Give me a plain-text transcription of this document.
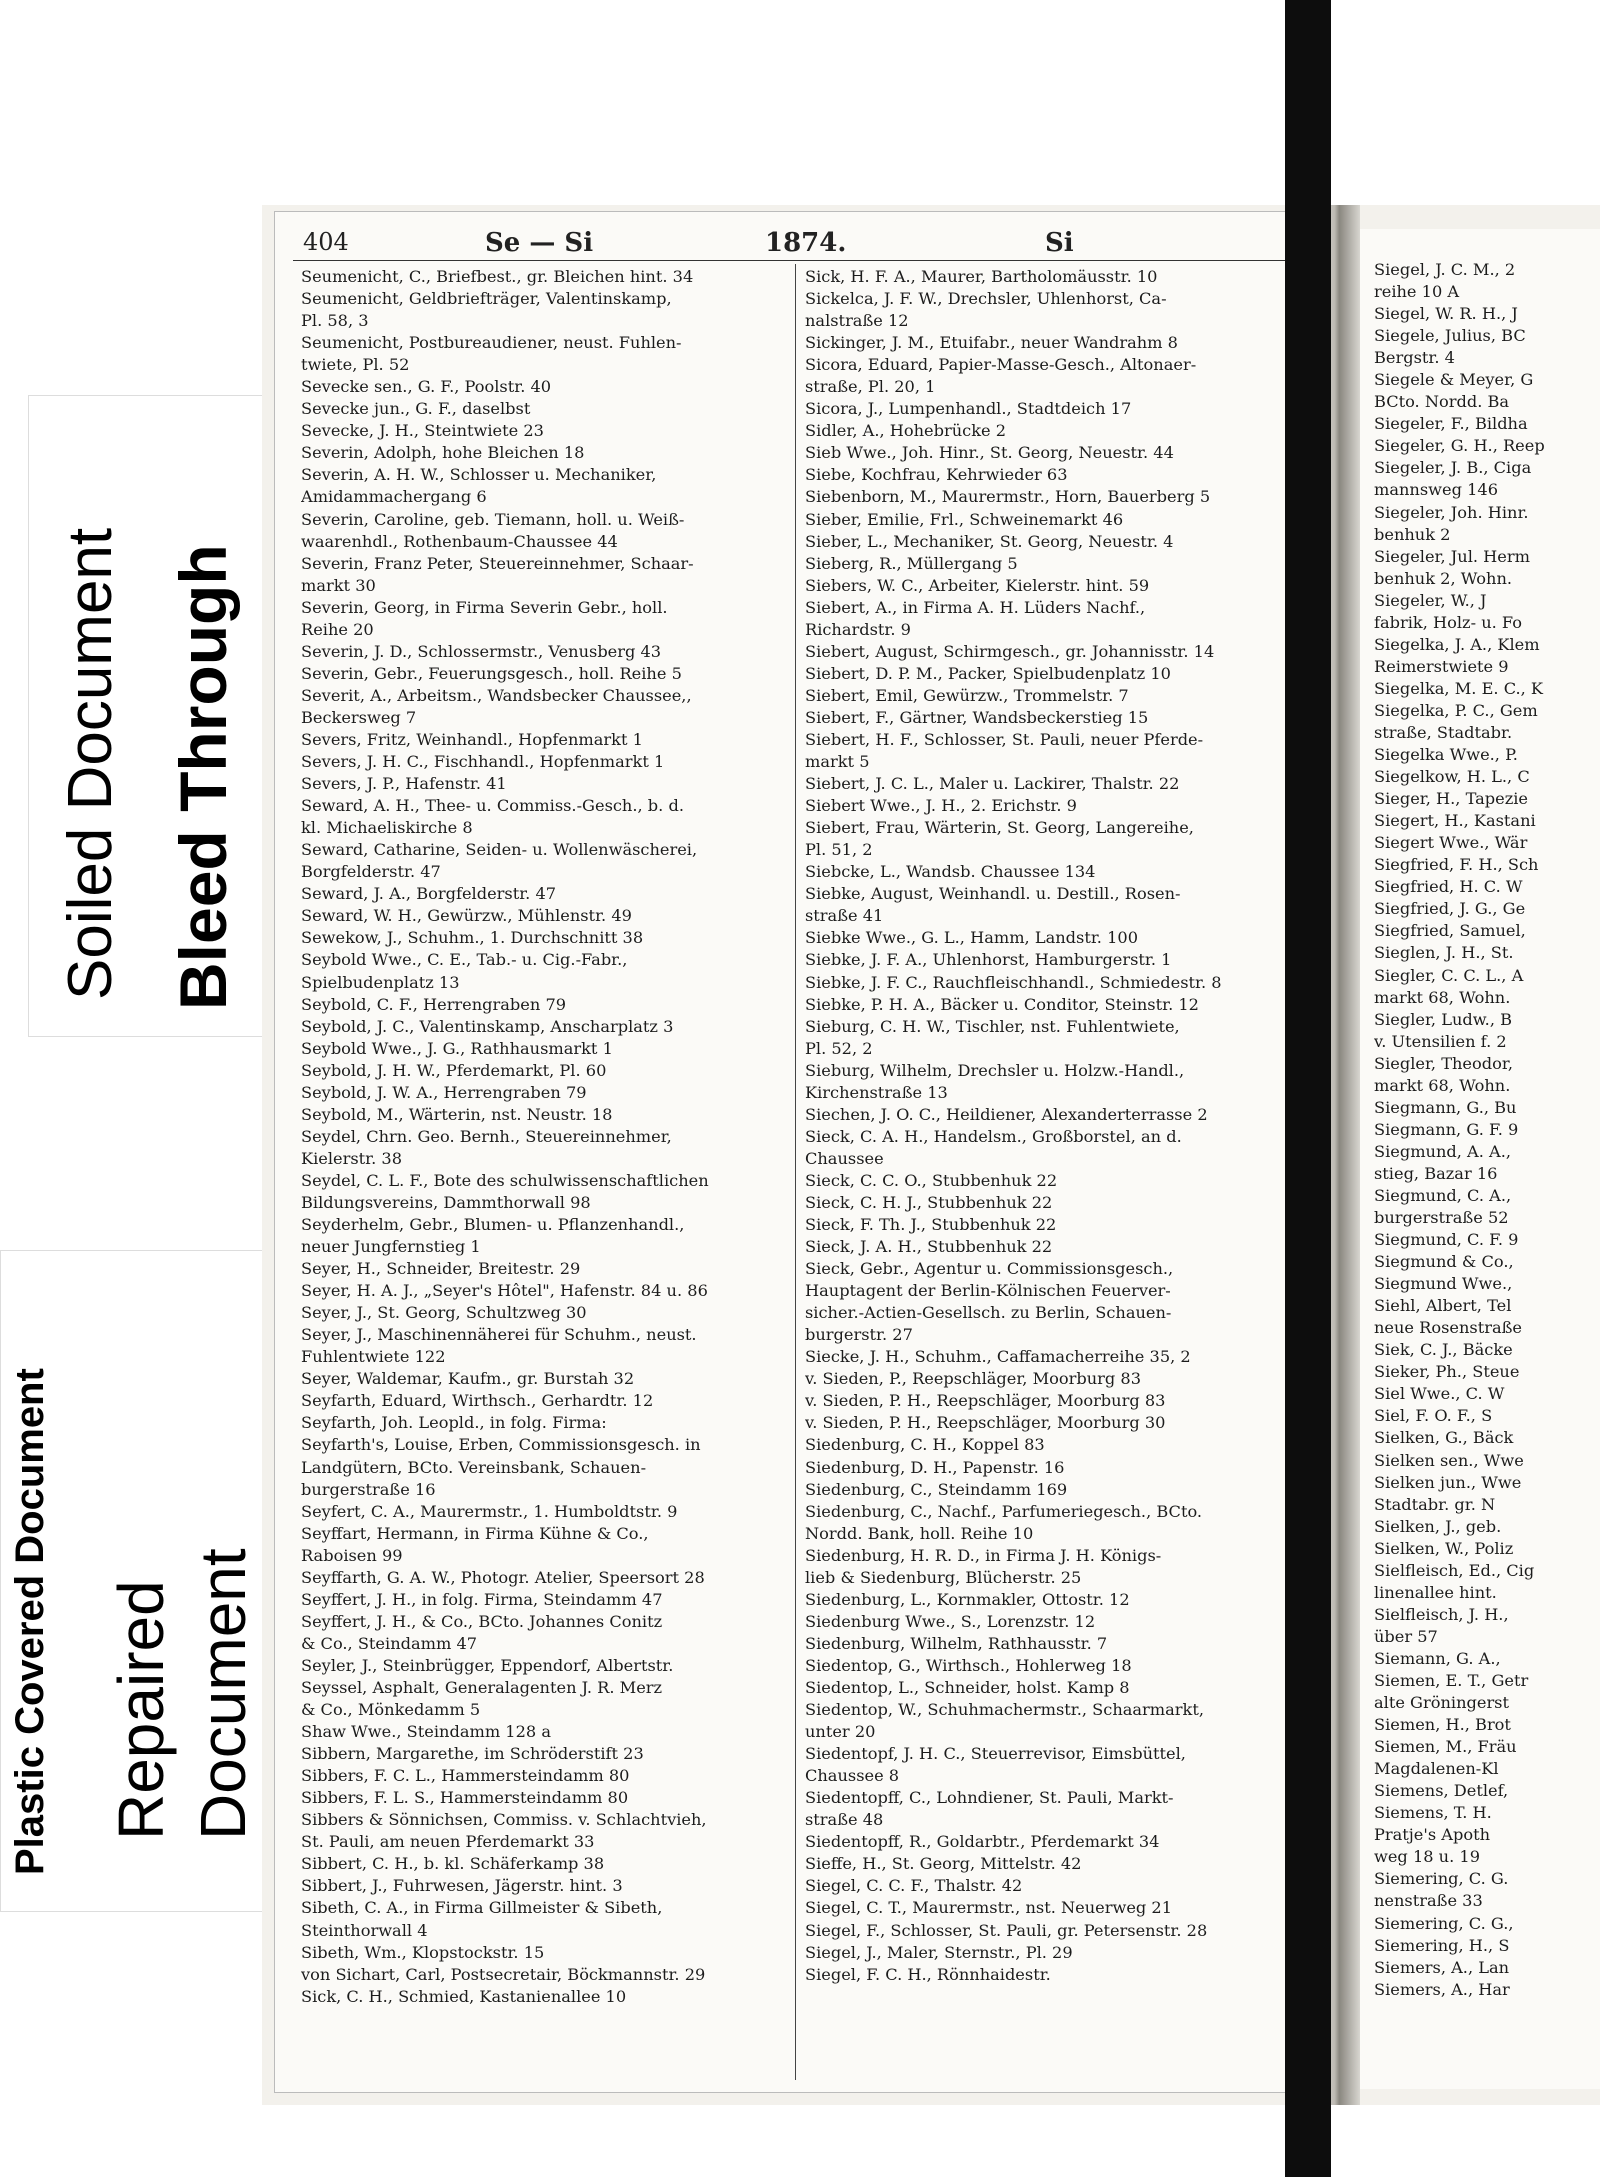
Soiled Document Bleed Through
Plastic Covered Document Repaired Document
404	Se — Si	1874.	Si
Seumenicht, C., Briefbest., gr. Bleichen hint. 34
Seumenicht, Geldbriefträger, Valentinskamp,
Pl. 58, 3
Seumenicht, Postbureaudiener, neust. Fuhlen-
twiete, Pl. 52
Sevecke sen., G. F., Poolstr. 40
Sevecke jun., G. F., daselbst
Sevecke, J. H., Steintwiete 23
Severin, Adolph, hohe Bleichen 18
Severin, A. H. W., Schlosser u. Mechaniker,
Amidammachergang 6
Severin, Caroline, geb. Tiemann, holl. u. Weiß-
waarenhdl., Rothenbaum-Chaussee 44
Severin, Franz Peter, Steuereinnehmer, Schaar-
markt 30
Severin, Georg, in Firma Severin Gebr., holl.
Reihe 20
Severin, J. D., Schlossermstr., Venusberg 43
Severin, Gebr., Feuerungsgesch., holl. Reihe 5
Severit, A., Arbeitsm., Wandsbecker Chaussee,,
Beckersweg 7
Severs, Fritz, Weinhandl., Hopfenmarkt 1
Severs, J. H. C., Fischhandl., Hopfenmarkt 1
Severs, J. P., Hafenstr. 41
Seward, A. H., Thee- u. Commiss.-Gesch., b. d.
kl. Michaeliskirche 8
Seward, Catharine, Seiden- u. Wollenwäscherei,
Borgfelderstr. 47
Seward, J. A., Borgfelderstr. 47
Seward, W. H., Gewürzw., Mühlenstr. 49
Sewekow, J., Schuhm., 1. Durchschnitt 38
Seybold Wwe., C. E., Tab.- u. Cig.-Fabr.,
Spielbudenplatz 13
Seybold, C. F., Herrengraben 79
Seybold, J. C., Valentinskamp, Anscharplatz 3
Seybold Wwe., J. G., Rathhausmarkt 1
Seybold, J. H. W., Pferdemarkt, Pl. 60
Seybold, J. W. A., Herrengraben 79
Seybold, M., Wärterin, nst. Neustr. 18
Seydel, Chrn. Geo. Bernh., Steuereinnehmer,
Kielerstr. 38
Seydel, C. L. F., Bote des schulwissenschaftlichen
Bildungsvereins, Dammthorwall 98
Seyderhelm, Gebr., Blumen- u. Pflanzenhandl.,
neuer Jungfernstieg 1
Seyer, H., Schneider, Breitestr. 29
Seyer, H. A. J., „Seyer's Hôtel", Hafenstr. 84 u. 86
Seyer, J., St. Georg, Schultzweg 30
Seyer, J., Maschinennäherei für Schuhm., neust.
Fuhlentwiete 122
Seyer, Waldemar, Kaufm., gr. Burstah 32
Seyfarth, Eduard, Wirthsch., Gerhardtr. 12
Seyfarth, Joh. Leopld., in folg. Firma:
Seyfarth's, Louise, Erben, Commissionsgesch. in
Landgütern, BCto. Vereinsbank, Schauen-
burgerstraße 16
Seyfert, C. A., Maurermstr., 1. Humboldtstr. 9
Seyffart, Hermann, in Firma Kühne & Co.,
Raboisen 99
Seyffarth, G. A. W., Photogr. Atelier, Speersort 28
Seyffert, J. H., in folg. Firma, Steindamm 47
Seyffert, J. H., & Co., BCto. Johannes Conitz
& Co., Steindamm 47
Seyler, J., Steinbrügger, Eppendorf, Albertstr.
Seyssel, Asphalt, Generalagenten J. R. Merz
& Co., Mönkedamm 5
Shaw Wwe., Steindamm 128 a
Sibbern, Margarethe, im Schröderstift 23
Sibbers, F. C. L., Hammersteindamm 80
Sibbers, F. L. S., Hammersteindamm 80
Sibbers & Sönnichsen, Commiss. v. Schlachtvieh,
St. Pauli, am neuen Pferdemarkt 33
Sibbert, C. H., b. kl. Schäferkamp 38
Sibbert, J., Fuhrwesen, Jägerstr. hint. 3
Sibeth, C. A., in Firma Gillmeister & Sibeth,
Steinthorwall 4
Sibeth, Wm., Klopstockstr. 15
von Sichart, Carl, Postsecretair, Böckmannstr. 29
Sick, C. H., Schmied, Kastanienallee 10
Sick, H. F. A., Maurer, Bartholomäusstr. 10
Sickelca, J. F. W., Drechsler, Uhlenhorst, Ca-
nalstraße 12
Sickinger, J. M., Etuifabr., neuer Wandrahm 8
Sicora, Eduard, Papier-Masse-Gesch., Altonaer-
straße, Pl. 20, 1
Sicora, J., Lumpenhandl., Stadtdeich 17
Sidler, A., Hohebrücke 2
Sieb Wwe., Joh. Hinr., St. Georg, Neuestr. 44
Siebe, Kochfrau, Kehrwieder 63
Siebenborn, M., Maurermstr., Horn, Bauerberg 5
Sieber, Emilie, Frl., Schweinemarkt 46
Sieber, L., Mechaniker, St. Georg, Neuestr. 4
Sieberg, R., Müllergang 5
Siebers, W. C., Arbeiter, Kielerstr. hint. 59
Siebert, A., in Firma A. H. Lüders Nachf.,
Richardstr. 9
Siebert, August, Schirmgesch., gr. Johannisstr. 14
Siebert, D. P. M., Packer, Spielbudenplatz 10
Siebert, Emil, Gewürzw., Trommelstr. 7
Siebert, F., Gärtner, Wandsbeckerstieg 15
Siebert, H. F., Schlosser, St. Pauli, neuer Pferde-
markt 5
Siebert, J. C. L., Maler u. Lackirer, Thalstr. 22
Siebert Wwe., J. H., 2. Erichstr. 9
Siebert, Frau, Wärterin, St. Georg, Langereihe,
Pl. 51, 2
Siebcke, L., Wandsb. Chaussee 134
Siebke, August, Weinhandl. u. Destill., Rosen-
straße 41
Siebke Wwe., G. L., Hamm, Landstr. 100
Siebke, J. F. A., Uhlenhorst, Hamburgerstr. 1
Siebke, J. F. C., Rauchfleischhandl., Schmiedestr. 8
Siebke, P. H. A., Bäcker u. Conditor, Steinstr. 12
Sieburg, C. H. W., Tischler, nst. Fuhlentwiete,
Pl. 52, 2
Sieburg, Wilhelm, Drechsler u. Holzw.-Handl.,
Kirchenstraße 13
Siechen, J. O. C., Heildiener, Alexanderterrasse 2
Sieck, C. A. H., Handelsm., Großborstel, an d.
Chaussee
Sieck, C. C. O., Stubbenhuk 22
Sieck, C. H. J., Stubbenhuk 22
Sieck, F. Th. J., Stubbenhuk 22
Sieck, J. A. H., Stubbenhuk 22
Sieck, Gebr., Agentur u. Commissionsgesch.,
Hauptagent der Berlin-Kölnischen Feuerver-
sicher.-Actien-Gesellsch. zu Berlin, Schauen-
burgerstr. 27
Siecke, J. H., Schuhm., Caffamacherreihe 35, 2
v. Sieden, P., Reepschläger, Moorburg 83
v. Sieden, P. H., Reepschläger, Moorburg 83
v. Sieden, P. H., Reepschläger, Moorburg 30
Siedenburg, C. H., Koppel 83
Siedenburg, D. H., Papenstr. 16
Siedenburg, C., Steindamm 169
Siedenburg, C., Nachf., Parfumeriegesch., BCto.
Nordd. Bank, holl. Reihe 10
Siedenburg, H. R. D., in Firma J. H. Königs-
lieb & Siedenburg, Blücherstr. 25
Siedenburg, L., Kornmakler, Ottostr. 12
Siedenburg Wwe., S., Lorenzstr. 12
Siedenburg, Wilhelm, Rathhausstr. 7
Siedentop, G., Wirthsch., Hohlerweg 18
Siedentop, L., Schneider, holst. Kamp 8
Siedentop, W., Schuhmachermstr., Schaarmarkt,
unter 20
Siedentopf, J. H. C., Steuerrevisor, Eimsbüttel,
Chaussee 8
Siedentopff, C., Lohndiener, St. Pauli, Markt-
straße 48
Siedentopff, R., Goldarbtr., Pferdemarkt 34
Sieffe, H., St. Georg, Mittelstr. 42
Siegel, C. C. F., Thalstr. 42
Siegel, C. T., Maurermstr., nst. Neuerweg 21
Siegel, F., Schlosser, St. Pauli, gr. Petersenstr. 28
Siegel, J., Maler, Sternstr., Pl. 29
Siegel, F. C. H., Rönnhaidestr.
Siegel, J. C. M., 2
reihe 10 A
Siegel, W. R. H., J
Siegele, Julius, BC
Bergstr. 4
Siegele & Meyer, G
BCto. Nordd. Ba
Siegeler, F., Bildha
Siegeler, G. H., Reep
Siegeler, J. B., Ciga
mannsweg 146
Siegeler, Joh. Hinr.
benhuk 2
Siegeler, Jul. Herm
benhuk 2, Wohn.
Siegeler, W., J
fabrik, Holz- u. Fo
Siegelka, J. A., Klem
Reimerstwiete 9
Siegelka, M. E. C., K
Siegelka, P. C., Gem
straße, Stadtabr.
Siegelka Wwe., P.
Siegelkow, H. L., C
Sieger, H., Tapezie
Siegert, H., Kastani
Siegert Wwe., Wär
Siegfried, F. H., Sch
Siegfried, H. C. W
Siegfried, J. G., Ge
Siegfried, Samuel,
Sieglen, J. H., St.
Siegler, C. C. L., A
markt 68, Wohn.
Siegler, Ludw., B
v. Utensilien f. 2
Siegler, Theodor,
markt 68, Wohn.
Siegmann, G., Bu
Siegmann, G. F. 9
Siegmund, A. A.,
stieg, Bazar 16
Siegmund, C. A.,
burgerstraße 52
Siegmund, C. F. 9
Siegmund & Co.,
Siegmund Wwe.,
Siehl, Albert, Tel
neue Rosenstraße
Siek, C. J., Bäcke
Sieker, Ph., Steue
Siel Wwe., C. W
Siel, F. O. F., S
Sielken, G., Bäck
Sielken sen., Wwe
Sielken jun., Wwe
Stadtabr. gr. N
Sielken, J., geb.
Sielken, W., Poliz
Sielfleisch, Ed., Cig
linenallee hint.
Sielfleisch, J. H.,
über 57
Siemann, G. A.,
Siemen, E. T., Getr
alte Gröningerst
Siemen, H., Brot
Siemen, M., Fräu
Magdalenen-Kl
Siemens, Detlef,
Siemens, T. H.
Pratje's Apoth
weg 18 u. 19
Siemering, C. G.
nenstraße 33
Siemering, C. G.,
Siemering, H., S
Siemers, A., Lan
Siemers, A., Har
